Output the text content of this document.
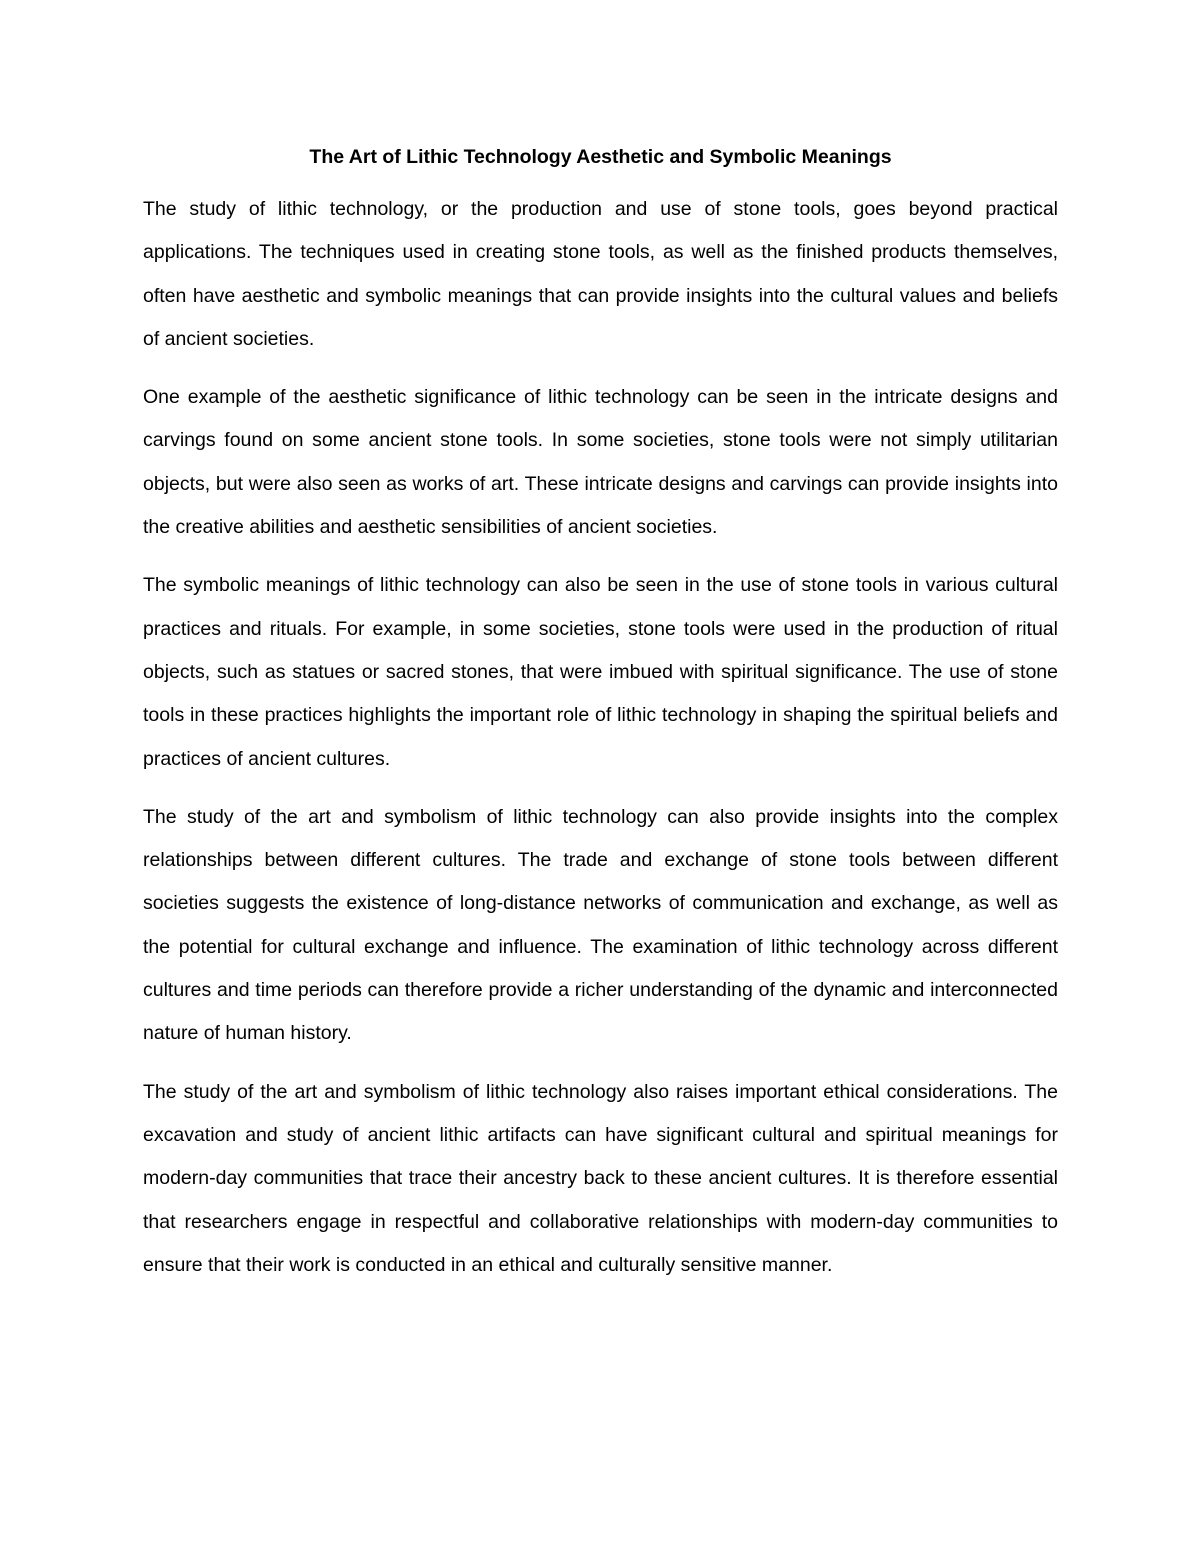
The Art of Lithic Technology Aesthetic and Symbolic Meanings

The study of lithic technology, or the production and use of stone tools, goes beyond practical applications. The techniques used in creating stone tools, as well as the finished products themselves, often have aesthetic and symbolic meanings that can provide insights into the cultural values and beliefs of ancient societies.

One example of the aesthetic significance of lithic technology can be seen in the intricate designs and carvings found on some ancient stone tools. In some societies, stone tools were not simply utilitarian objects, but were also seen as works of art. These intricate designs and carvings can provide insights into the creative abilities and aesthetic sensibilities of ancient societies.

The symbolic meanings of lithic technology can also be seen in the use of stone tools in various cultural practices and rituals. For example, in some societies, stone tools were used in the production of ritual objects, such as statues or sacred stones, that were imbued with spiritual significance. The use of stone tools in these practices highlights the important role of lithic technology in shaping the spiritual beliefs and practices of ancient cultures.

The study of the art and symbolism of lithic technology can also provide insights into the complex relationships between different cultures. The trade and exchange of stone tools between different societies suggests the existence of long-distance networks of communication and exchange, as well as the potential for cultural exchange and influence. The examination of lithic technology across different cultures and time periods can therefore provide a richer understanding of the dynamic and interconnected nature of human history.

The study of the art and symbolism of lithic technology also raises important ethical considerations. The excavation and study of ancient lithic artifacts can have significant cultural and spiritual meanings for modern-day communities that trace their ancestry back to these ancient cultures. It is therefore essential that researchers engage in respectful and collaborative relationships with modern-day communities to ensure that their work is conducted in an ethical and culturally sensitive manner.
